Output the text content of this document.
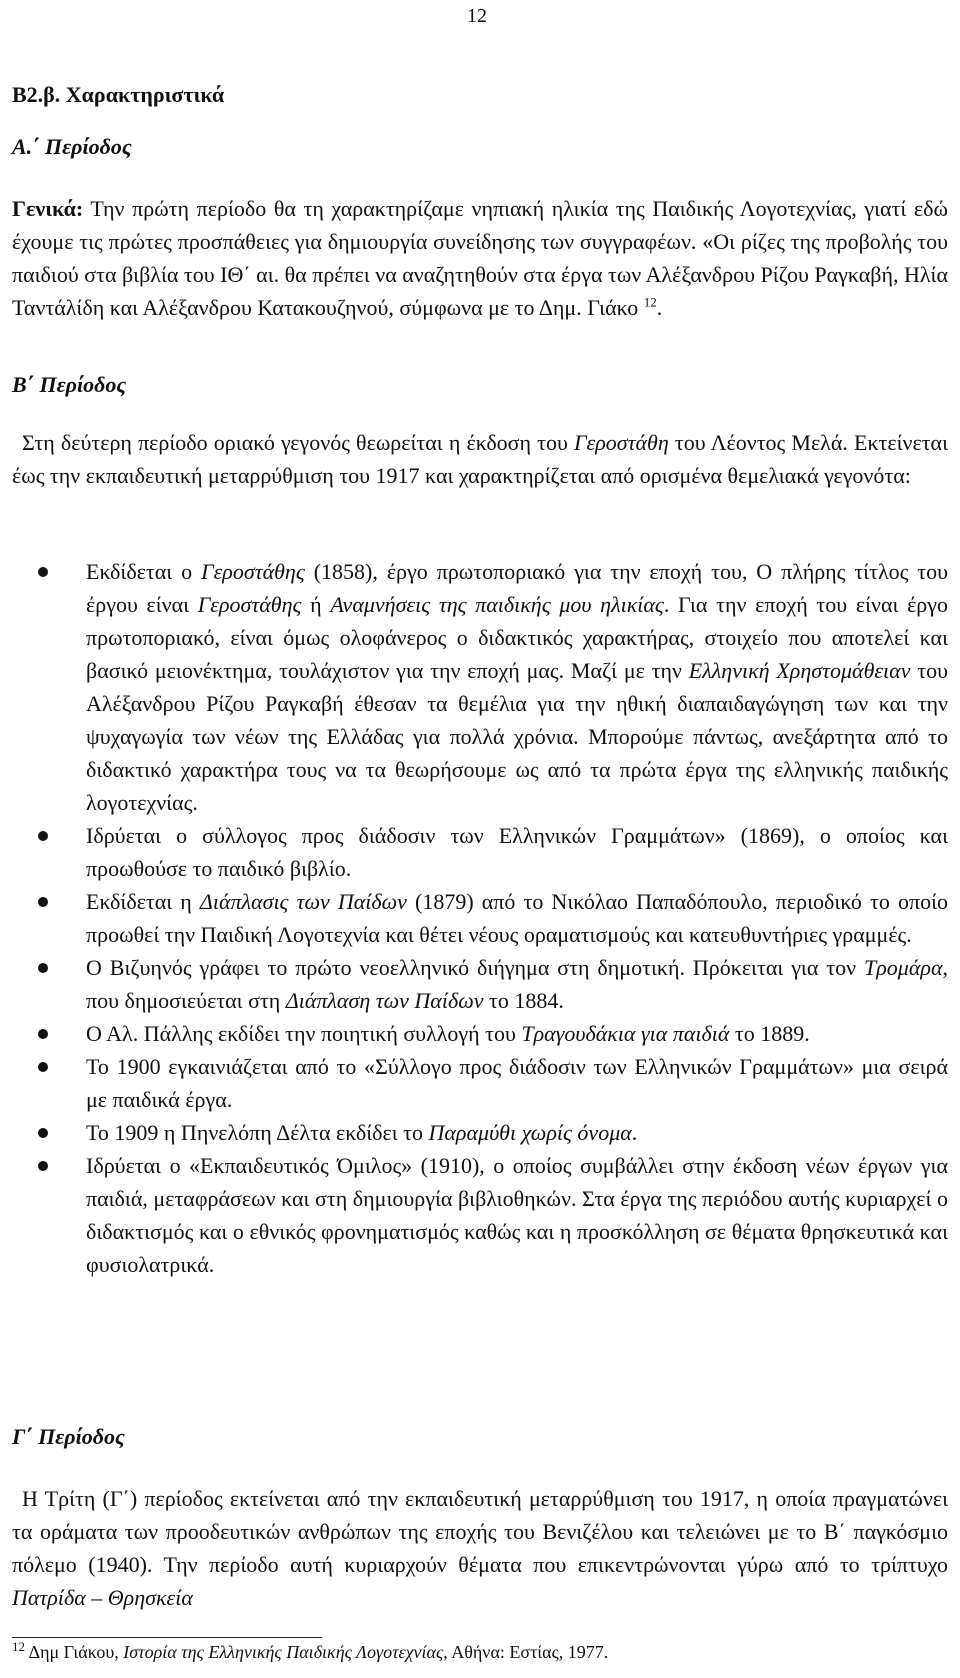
12
Β2.β. Χαρακτηριστικά
Α.΄ Περίοδος

Γενικά: Την πρώτη περίοδο θα τη χαρακτηρίζαμε νηπιακή ηλικία της Παιδικής Λογοτεχνίας, γιατί εδώ έχουμε τις πρώτες προσπάθειες για δημιουργία συνείδησης των συγγραφέων. «Οι ρίζες της προβολής του παιδιού στα βιβλία του ΙΘ΄ αι. θα πρέπει να αναζητηθούν στα έργα των Αλέξανδρου Ρίζου Ραγκαβή, Ηλία Ταντάλίδη και Αλέξανδρου Κατακουζηνού, σύμφωνα με το Δημ. Γιάκο $^{12}$.

Β΄ Περίοδος

Στη δεύτερη περίοδο οριακό γεγονός θεωρείται η έκδοση του Γεροστάθη του Λέοντος Μελά. Εκτείνεται έως την εκπαιδευτική μεταρρύθμιση του 1917 και χαρακτηρίζεται από ορισμένα θεμελιακά γεγονότα:

Εκδίδεται ο Γεροστάθης (1858), έργο πρωτοποριακό για την εποχή του, Ο πλήρης τίτλος του έργου είναι Γεροστάθης ή Αναμνήσεις της παιδικής μου ηλικίας. Για την εποχή του είναι έργο πρωτοποριακό, είναι όμως ολοφάνερος ο διδακτικός χαρακτήρας, στοιχείο που αποτελεί και βασικό μειονέκτημα, τουλάχιστον για την εποχή μας. Μαζί με την Ελληνική Χρηστομάθειαν του Αλέξανδρου Ρίζου Ραγκαβή έθεσαν τα θεμέλια για την ηθική διαπαιδαγώγηση των και την ψυχαγωγία των νέων της Ελλάδας για πολλά χρόνια. Μπορούμε πάντως, ανεξάρτητα από το διδακτικό χαρακτήρα τους να τα θεωρήσουμε ως από τα πρώτα έργα της ελληνικής παιδικής λογοτεχνίας.
Ιδρύεται ο σύλλογος προς διάδοσιν των Ελληνικών Γραμμάτων» (1869), ο οποίος και προωθούσε το παιδικό βιβλίο.
Εκδίδεται η Διάπλασις των Παίδων (1879) από το Νικόλαο Παπαδόπουλο, περιοδικό το οποίο προωθεί την Παιδική Λογοτεχνία και θέτει νέους οραματισμούς και κατευθυντήριες γραμμές.
Ο Βιζυηνός γράφει το πρώτο νεοελληνικό διήγημα στη δημοτική. Πρόκειται για τον Τρομάρα, που δημοσιεύεται στη Διάπλαση των Παίδων το 1884.
Ο Αλ. Πάλλης εκδίδει την ποιητική συλλογή του Τραγουδάκια για παιδιά το 1889.
Το 1900 εγκαινιάζεται από το «Σύλλογο προς διάδοσιν των Ελληνικών Γραμμάτων» μια σειρά με παιδικά έργα.
Το 1909 η Πηνελόπη Δέλτα εκδίδει το Παραμύθι χωρίς όνομα.
Ιδρύεται ο «Εκπαιδευτικός Όμιλος» (1910), ο οποίος συμβάλλει στην έκδοση νέων έργων για παιδιά, μεταφράσεων και στη δημιουργία βιβλιοθηκών. Στα έργα της περιόδου αυτής κυριαρχεί ο διδακτισμός και ο εθνικός φρονηματισμός καθώς και η προσκόλληση σε θέματα θρησκευτικά και φυσιολατρικά.
Γ΄ Περίοδος

Η Τρίτη (Γ΄) περίοδος εκτείνεται από την εκπαιδευτική μεταρρύθμιση του 1917, η οποία πραγματώνει τα οράματα των προοδευτικών ανθρώπων της εποχής του Βενιζέλου και τελειώνει με το Β΄ παγκόσμιο πόλεμο (1940). Την περίοδο αυτή κυριαρχούν θέματα που επικεντρώνονται γύρω από το τρίπτυχο Πατρίδα – Θρησκεία

$^{12}$ Δημ Γιάκου, Ιστορία της Ελληνικής Παιδικής Λογοτεχνίας, Αθήνα: Εστίας, 1977.
